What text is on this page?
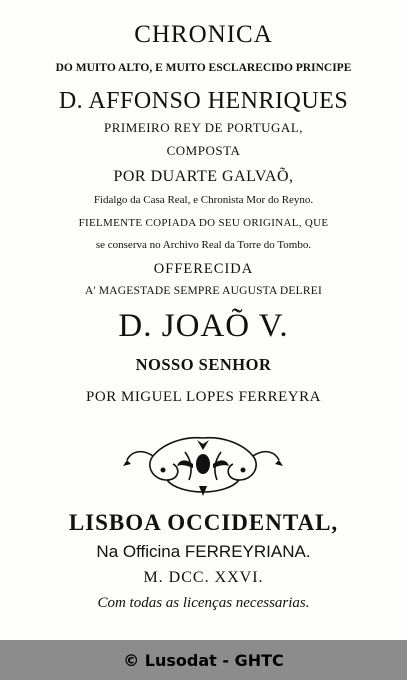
CHRONICA
DO MUITO ALTO, E MUITO ESCLARECIDO PRINCIPE
D. AFFONSO HENRIQUES
PRIMEIRO REY DE PORTUGAL,
COMPOSTA
POR DUARTE GALVAÕ,
Fidalgo da Casa Real, e Chronista Mor do Reyno.
FIELMENTE COPIADA DO SEU ORIGINAL, QUE
se conserva no Archivo Real da Torre do Tombo.
OFFERECIDA
A' MAGESTADE SEMPRE AUGUSTA DELREI
D. JOAÕ V.
NOSSO SENHOR
POR MIGUEL LOPES FERREYRA
LISBOA OCCIDENTAL,
Na Officina FERREYRIANA.
M. DCC. XXVI.
Com todas as licenças necessarias.
© Lusodat - GHTC
